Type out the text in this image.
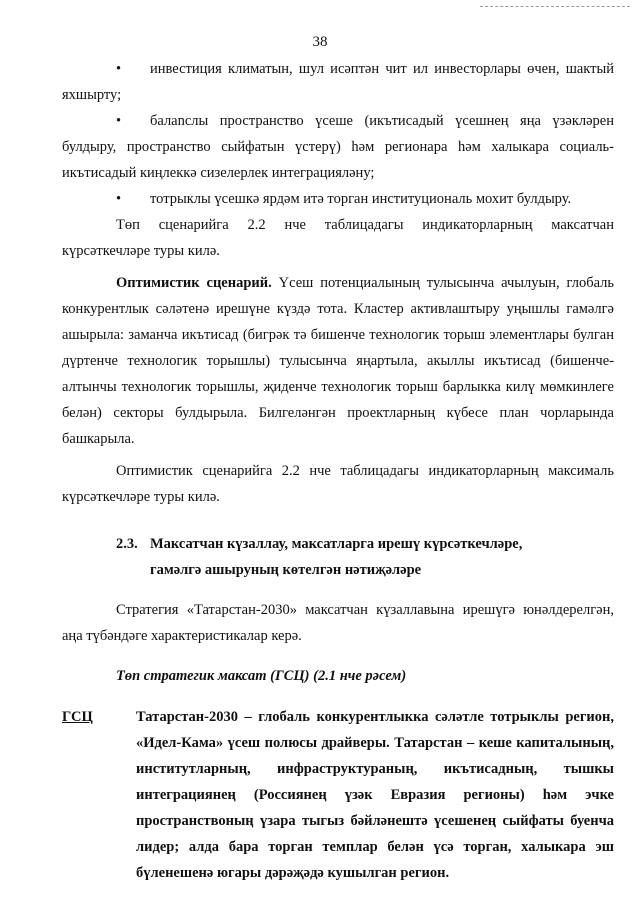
38

• инвестиция климатын, шул исәптән чит ил инвесторлары өчен, шактый яхшырту;

• балanслы пространство үсеше (икътисадый үсешнең яңа үзәкләрен булдыру, пространство сыйфатын үстерү) һәм регионара һәм халыкара социаль-икътисадый киңлеккә сизелерлек интеграцияләну;

• тотрыклы үсешкә ярдәм итә торган институциональ мохит булдыру.

Төп сценарийга 2.2 нче таблицадагы индикаторларның максатчан күрсәткечләре туры килә.

Оптимистик сценарий. Үсеш потенциалының тулысынча ачылуын, глобаль конкурентлык сәләтенә ирешүне күздә тота. Кластер активлаштыру уңышлы гамәлгә ашырыла: заманча икътисад (бигрәк тә бишенче технологик торыш элементлары булган дүртенче технологик торышлы) тулысынча яңартыла, акыллы икътисад (бишенче-алтынчы технологик торышлы, җиденче технологик торыш барлыкка килү мөмкинлеге белән) секторы булдырыла. Билгеләнгән проектларның күбесе план чорларында башкарыла.

Оптимистик сценарийга 2.2 нче таблицадагы индикаторларның максималь күрсәткечләре туры килә.

2.3. Максатчан күзаллау, максатларга ирешү күрсәткечләре,
гамәлгә ашыруның көтелгән нәтиҗәләре

Стратегия «Татарстан-2030» максатчан күзаллавына ирешүгә юнәлдерелгән, аңа түбәндәге характеристикалар керә.

Төп стратегик максат (ГСЦ) (2.1 нче рәсем)

ГСЦ	Татарстан-2030 – глобаль конкурентлыкка сәләтле тотрыклы регион, «Идел-Кама» үсеш полюсы драйверы. Татарстан – кеше капиталының, институтларның, инфраструктураның, икътисадның, тышкы интеграциянең (Россиянең үзәк Евразия регионы) һәм эчке пространствоның үзара тыгыз бәйләнештә үсешенең сыйфаты буенча лидер; алда бара торган темплар белән үсә торган, халыкара эш бүленешенә югары дәрәҗәдә кушылган регион.
